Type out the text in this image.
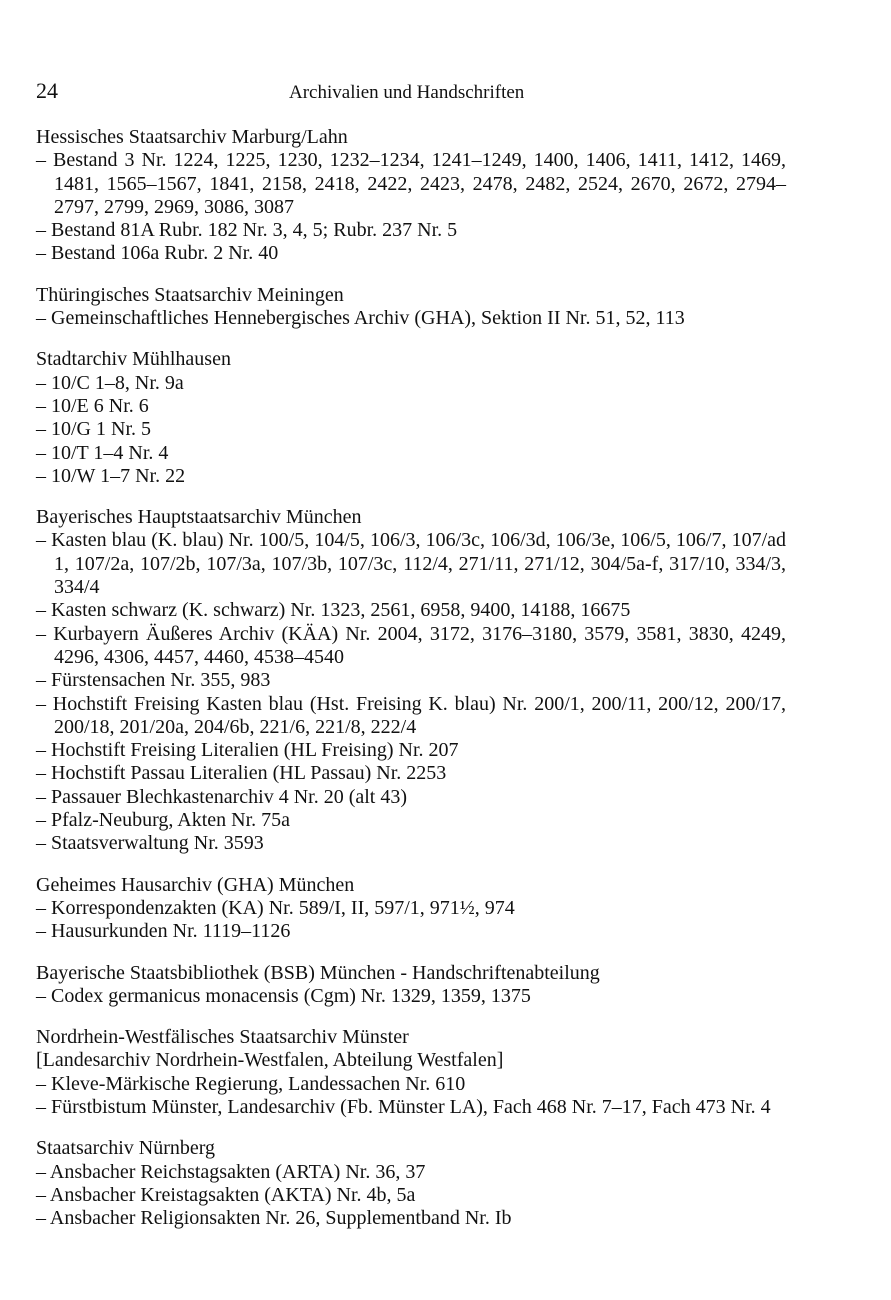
24	Archivalien und Handschriften
Hessisches Staatsarchiv Marburg/Lahn
– Bestand 3 Nr. 1224, 1225, 1230, 1232–1234, 1241–1249, 1400, 1406, 1411, 1412, 1469, 1481, 1565–1567, 1841, 2158, 2418, 2422, 2423, 2478, 2482, 2524, 2670, 2672, 2794–2797, 2799, 2969, 3086, 3087
– Bestand 81A Rubr. 182 Nr. 3, 4, 5; Rubr. 237 Nr. 5
– Bestand 106a Rubr. 2 Nr. 40
Thüringisches Staatsarchiv Meiningen
– Gemeinschaftliches Hennebergisches Archiv (GHA), Sektion II Nr. 51, 52, 113
Stadtarchiv Mühlhausen
– 10/C 1–8, Nr. 9a
– 10/E 6 Nr. 6
– 10/G 1 Nr. 5
– 10/T 1–4 Nr. 4
– 10/W 1–7 Nr. 22
Bayerisches Hauptstaatsarchiv München
– Kasten blau (K. blau) Nr. 100/5, 104/5, 106/3, 106/3c, 106/3d, 106/3e, 106/5, 106/7, 107/ad 1, 107/2a, 107/2b, 107/3a, 107/3b, 107/3c, 112/4, 271/11, 271/12, 304/5a-f, 317/10, 334/3, 334/4
– Kasten schwarz (K. schwarz) Nr. 1323, 2561, 6958, 9400, 14188, 16675
– Kurbayern Äußeres Archiv (KÄA) Nr. 2004, 3172, 3176–3180, 3579, 3581, 3830, 4249, 4296, 4306, 4457, 4460, 4538–4540
– Fürstensachen Nr. 355, 983
– Hochstift Freising Kasten blau (Hst. Freising K. blau) Nr. 200/1, 200/11, 200/12, 200/17, 200/18, 201/20a, 204/6b, 221/6, 221/8, 222/4
– Hochstift Freising Literalien (HL Freising) Nr. 207
– Hochstift Passau Literalien (HL Passau) Nr. 2253
– Passauer Blechkastenarchiv 4 Nr. 20 (alt 43)
– Pfalz-Neuburg, Akten Nr. 75a
– Staatsverwaltung Nr. 3593
Geheimes Hausarchiv (GHA) München
– Korrespondenzakten (KA) Nr. 589/I, II, 597/1, 971½, 974
– Hausurkunden Nr. 1119–1126
Bayerische Staatsbibliothek (BSB) München - Handschriftenabteilung
– Codex germanicus monacensis (Cgm) Nr. 1329, 1359, 1375
Nordrhein-Westfälisches Staatsarchiv Münster
[Landesarchiv Nordrhein-Westfalen, Abteilung Westfalen]
– Kleve-Märkische Regierung, Landessachen Nr. 610
– Fürstbistum Münster, Landesarchiv (Fb. Münster LA), Fach 468 Nr. 7–17, Fach 473 Nr. 4
Staatsarchiv Nürnberg
– Ansbacher Reichstagsakten (ARTA) Nr. 36, 37
– Ansbacher Kreistagsakten (AKTA) Nr. 4b, 5a
– Ansbacher Religionsakten Nr. 26, Supplementband Nr. Ib
